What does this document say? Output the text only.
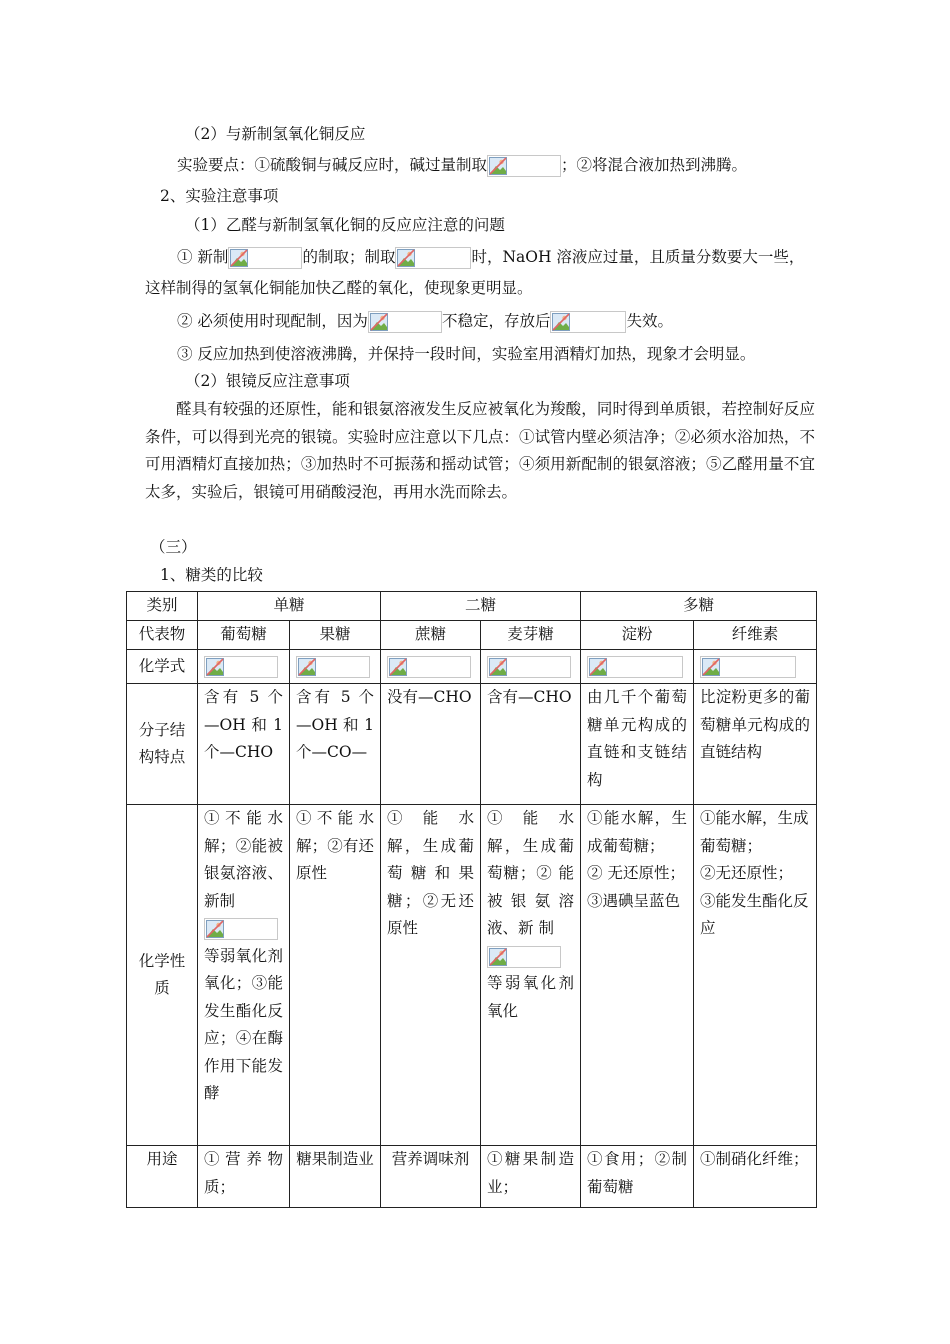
（2）与新制氢氧化铜反应
实验要点：①硫酸铜与碱反应时，碱过量制取	；②将混合液加热到沸腾。
2、实验注意事项
（1）乙醛与新制氢氧化铜的反应应注意的问题
① 新制	的制取；制取	时，NaOH 溶液应过量，且质量分数要大一些，
这样制得的氢氧化铜能加快乙醛的氧化，使现象更明显。
② 必须使用时现配制，因为	不稳定，存放后	失效。
③ 反应加热到使溶液沸腾，并保持一段时间，实验室用酒精灯加热，现象才会明显。
（2）银镜反应注意事项
醛具有较强的还原性，能和银氨溶液发生反应被氧化为羧酸，同时得到单质银，若控制好反应条件，可以得到光亮的银镜。实验时应注意以下几点：①试管内壁必须洁净；②必须水浴加热，不可用酒精灯直接加热；③加热时不可振荡和摇动试管；④须用新配制的银氨溶液；⑤乙醛用量不宜太多，实验后，银镜可用硝酸浸泡，再用水洗而除去。
（三）
1、糖类的比较
类别	单糖		二糖		多糖	
代表物	葡萄糖	果糖	蔗糖	麦芽糖	淀粉	纤维素
化学式	

分子结构特点	含有 5 个—OH 和 1 个—CHO	含有 5 个—OH 和 1 个—CO—	没有—CHO	含有—CHO	由几千个葡萄糖单元构成的直链和支链结构	比淀粉更多的葡萄糖单元构成的直链结构
化学性质	①不能水解；②能被银氨溶液、新制

等弱氧化剂氧化；③能发生酯化反应；④在酶作用下能发酵	①不能水解；②有还原性	① 能 水 解，生成葡萄糖和果糖；②无还原性	① 能 水 解，生成葡萄糖；② 能被银氨溶液、新 制

等弱氧化剂氧化	①能水解，生成葡萄糖；
② 无还原性；
③遇碘呈蓝色	①能水解，生成葡萄糖；
②无还原性；
③能发生酯化反应
用途	①营养物质；	糖果制造业	营养调味剂	①糖果制造业；	①食用；②制葡萄糖	①制硝化纤维；
